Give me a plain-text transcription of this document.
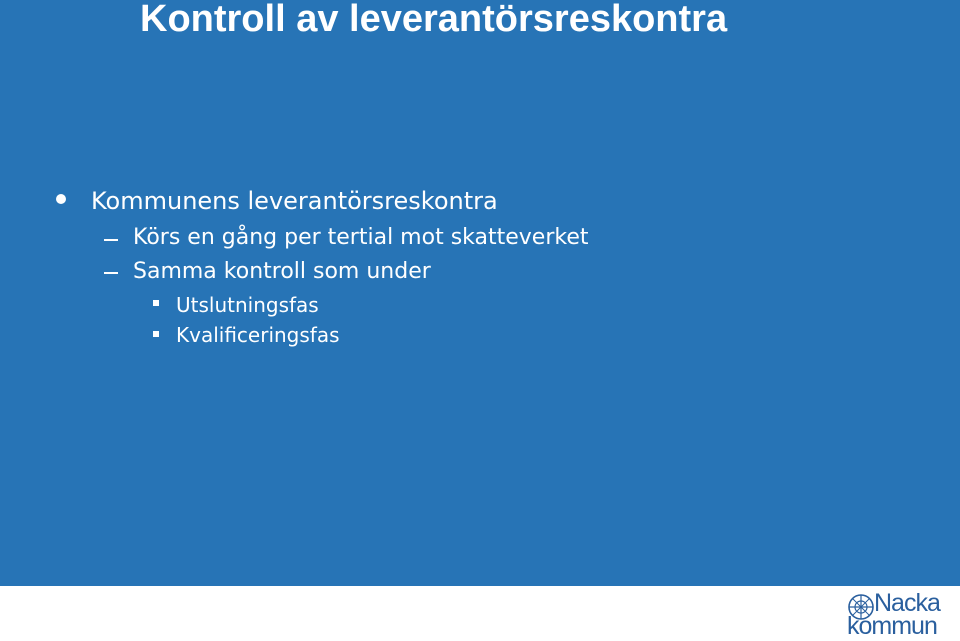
Kontroll av leverantörsreskontra
Kommunens leverantörsreskontra
Körs en gång per tertial mot skatteverket
Samma kontroll som under
Utslutningsfas
Kvalificeringsfas
Nacka
kommun
